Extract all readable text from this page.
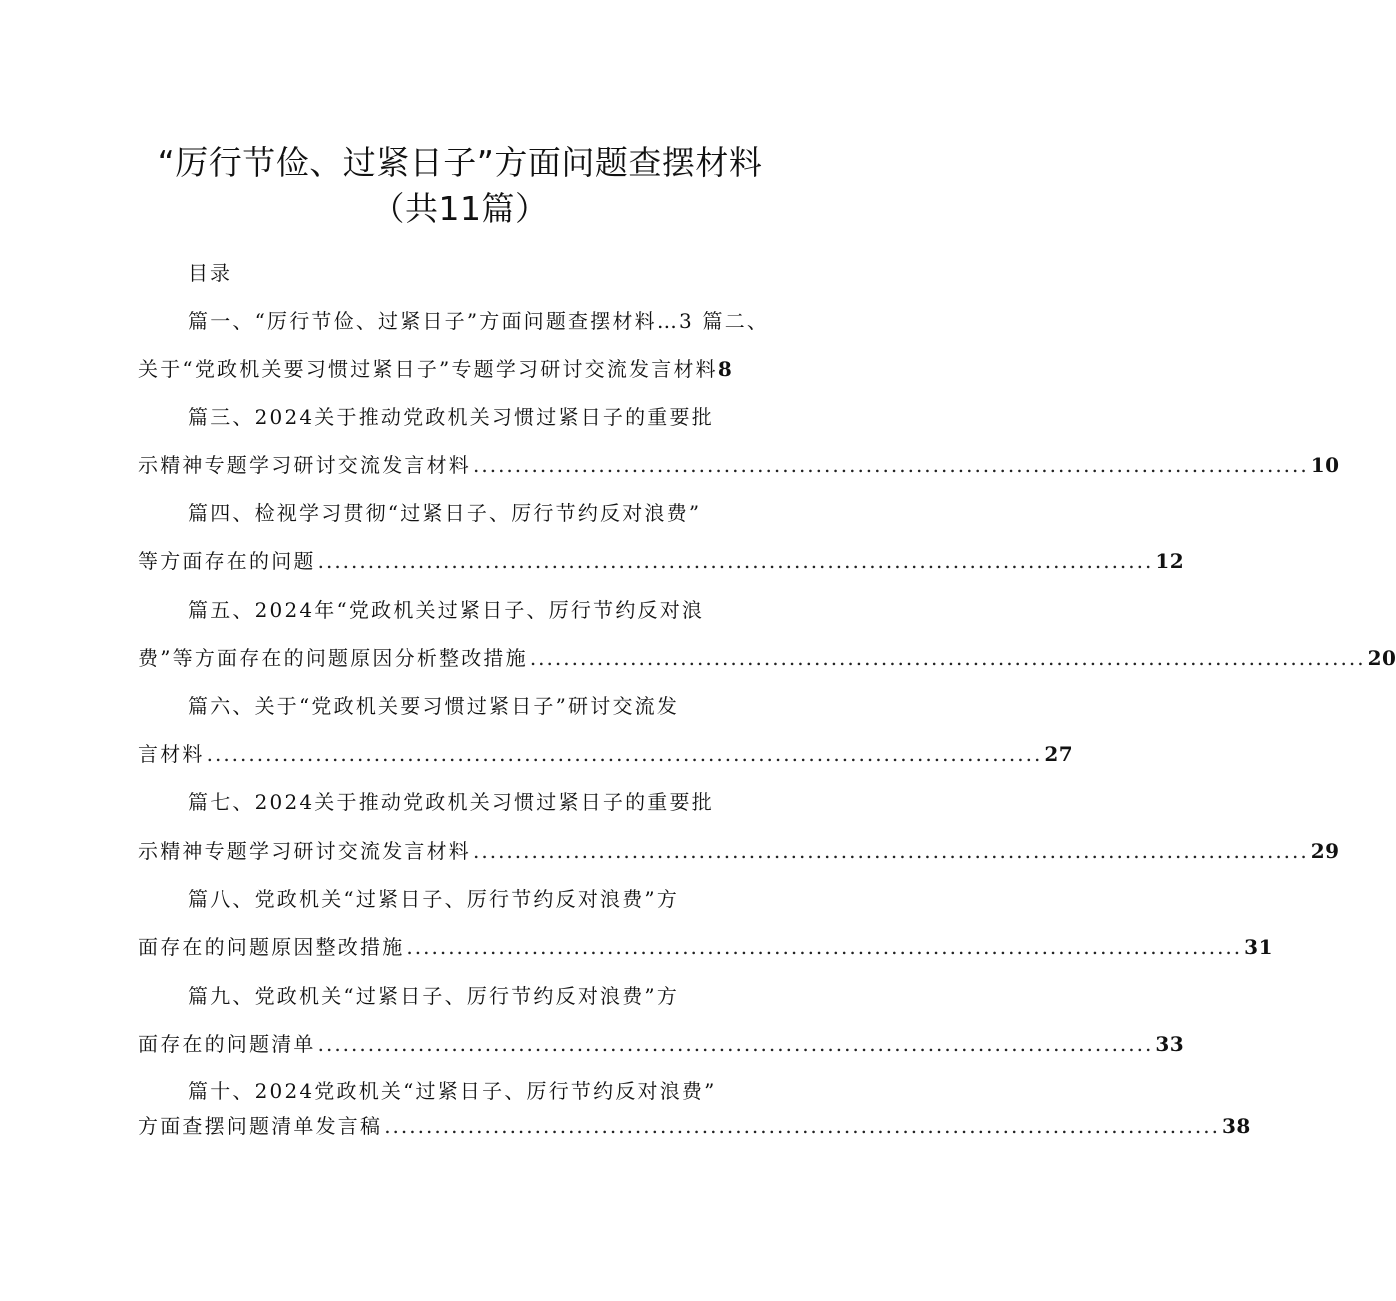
“厉行节俭、过紧日子”方面问题查摆材料
（共11篇）
目录
篇一、“厉行节俭、过紧日子”方面问题查摆材料…3 篇二、
关于“党政机关要习惯过紧日子”专题学习研讨交流发言材料8
篇三、2024关于推动党政机关习惯过紧日子的重要批
示精神专题学习研讨交流发言材料 .................................................................................................... 10
篇四、检视学习贯彻“过紧日子、厉行节约反对浪费”
等方面存在的问题 .................................................................................................... 12
篇五、2024年“党政机关过紧日子、厉行节约反对浪
费”等方面存在的问题原因分析整改措施 .................................................................................................... 20
篇六、关于“党政机关要习惯过紧日子”研讨交流发
言材料 .................................................................................................... 27
篇七、2024关于推动党政机关习惯过紧日子的重要批
示精神专题学习研讨交流发言材料 .................................................................................................... 29
篇八、党政机关“过紧日子、厉行节约反对浪费”方
面存在的问题原因整改措施 .................................................................................................... 31
篇九、党政机关“过紧日子、厉行节约反对浪费”方
面存在的问题清单 .................................................................................................... 33
篇十、2024党政机关“过紧日子、厉行节约反对浪费”
方面查摆问题清单发言稿 .................................................................................................... 38
